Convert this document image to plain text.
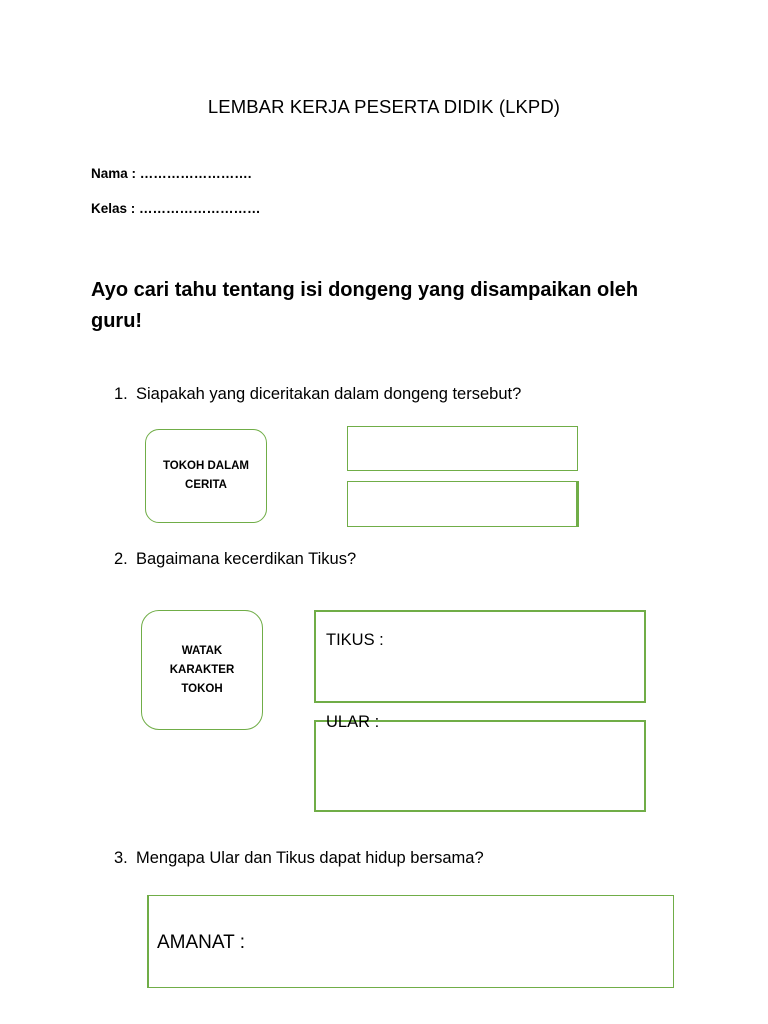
LEMBAR KERJA PESERTA DIDIK (LKPD)
Nama : …………………….
Kelas : ………………………
Ayo cari tahu tentang isi dongeng yang disampaikan oleh guru!
1. Siapakah yang diceritakan dalam dongeng tersebut?
TOKOH DALAM
CERITA
2. Bagaimana kecerdikan Tikus?
WATAK
KARAKTER
TOKOH
TIKUS :
ULAR :
3. Mengapa Ular dan Tikus dapat hidup bersama?
AMANAT :
